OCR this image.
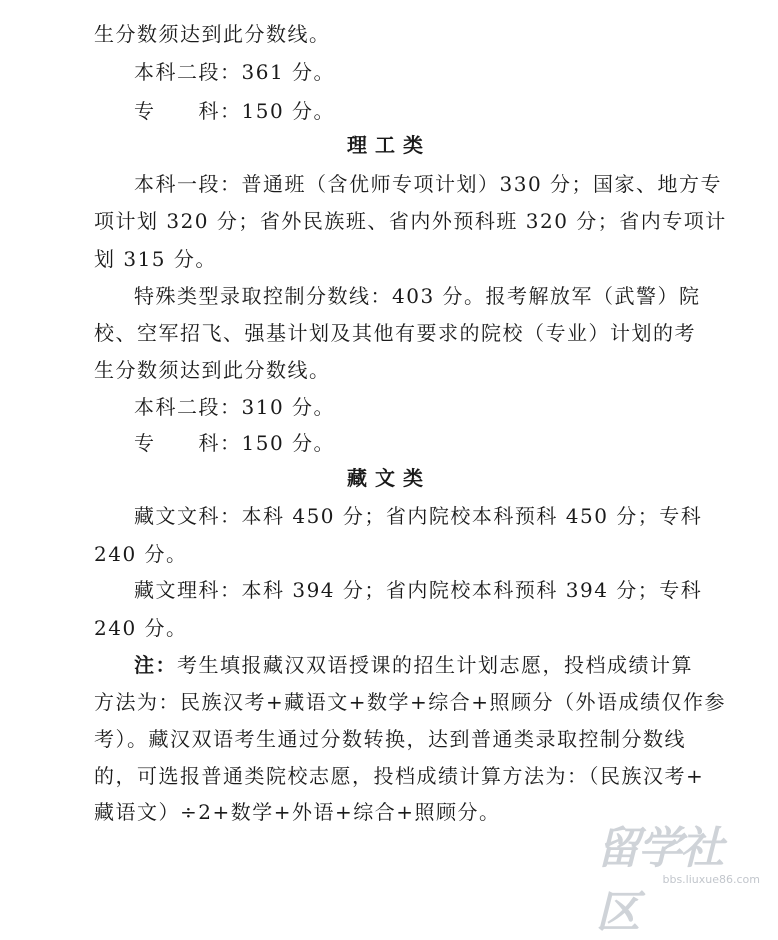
生分数须达到此分数线。
本科二段：361 分。
专　　科：150 分。
理工类
本科一段：普通班（含优师专项计划）330 分；国家、地方专
项计划 320 分；省外民族班、省内外预科班 320 分；省内专项计
划 315 分。
特殊类型录取控制分数线：403 分。报考解放军（武警）院
校、空军招飞、强基计划及其他有要求的院校（专业）计划的考
生分数须达到此分数线。
本科二段：310 分。
专　　科：150 分。
藏文类
藏文文科：本科 450 分；省内院校本科预科 450 分；专科
240 分。
藏文理科：本科 394 分；省内院校本科预科 394 分；专科
240 分。
注：考生填报藏汉双语授课的招生计划志愿，投档成绩计算
方法为：民族汉考+藏语文+数学+综合+照顾分（外语成绩仅作参
考）。藏汉双语考生通过分数转换，达到普通类录取控制分数线
的，可选报普通类院校志愿，投档成绩计算方法为：（民族汉考+
藏语文）÷2+数学+外语+综合+照顾分。
留学社区
bbs.liuxue86.com
